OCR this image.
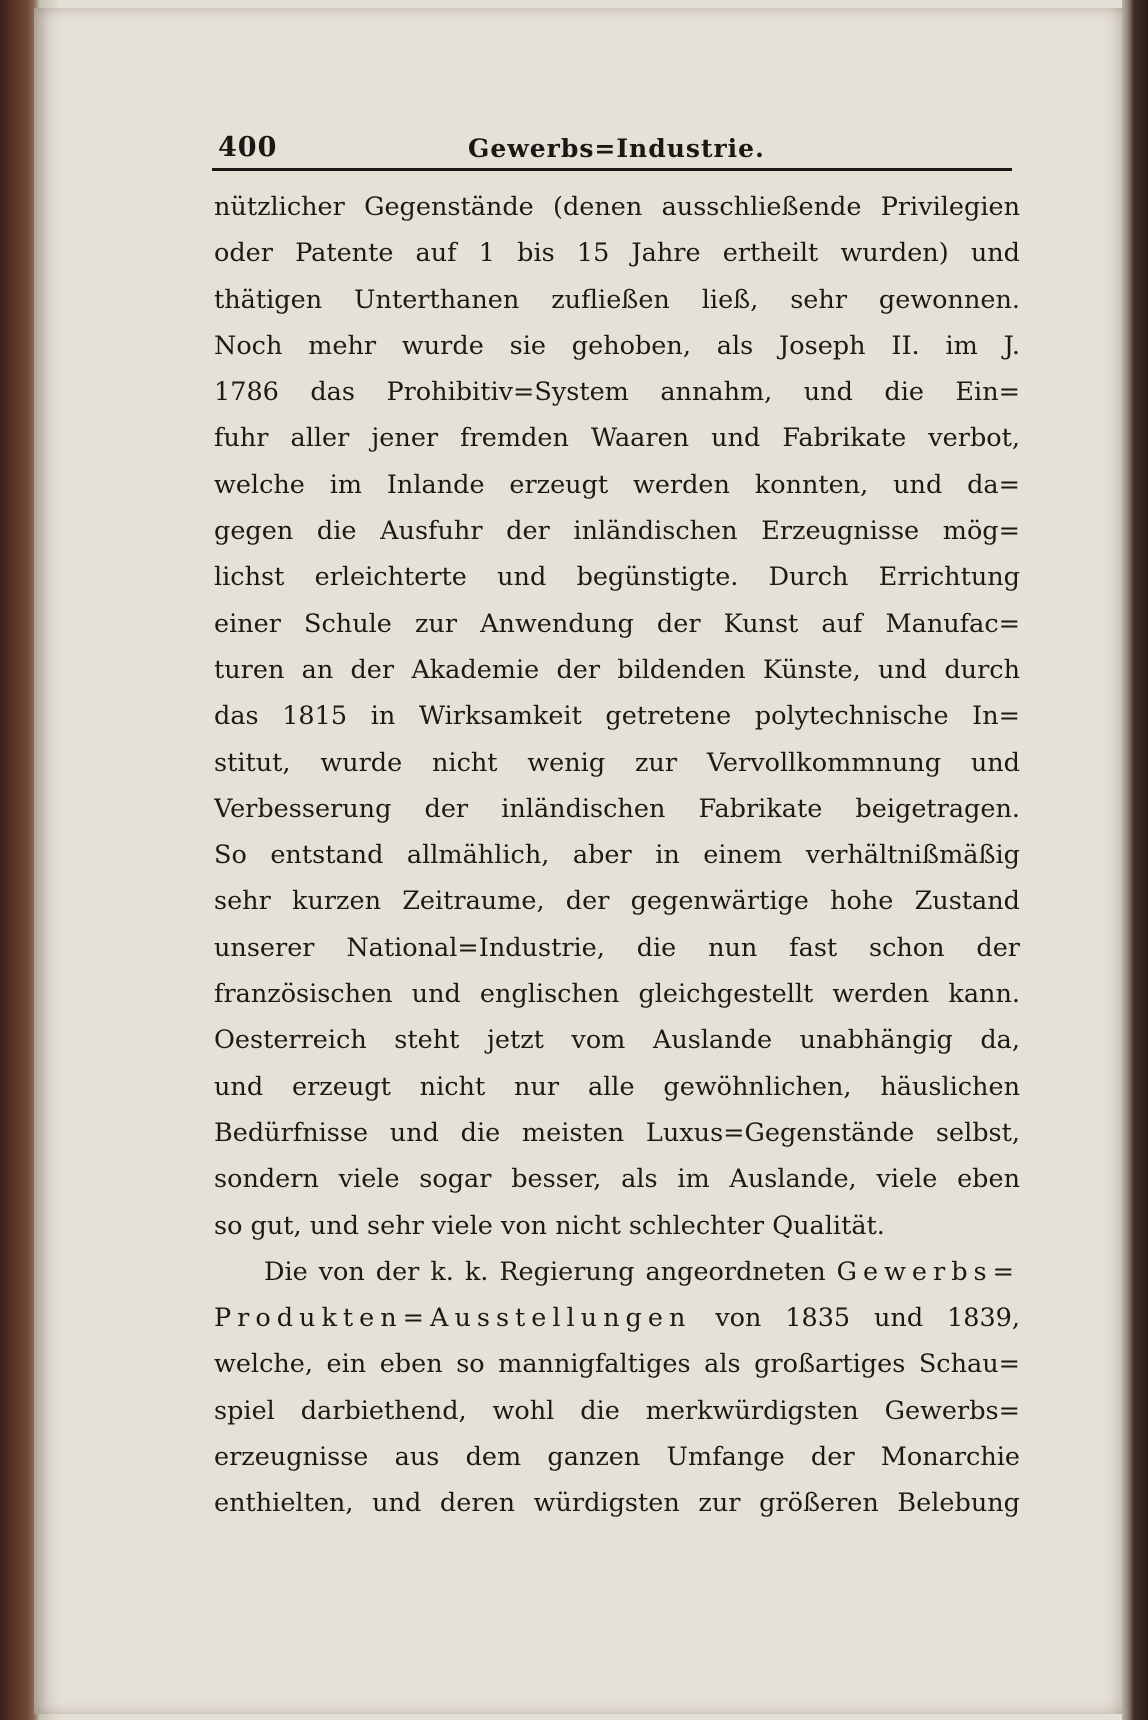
400	Gewerbs=Industrie.
nützlicher Gegenstände (denen ausschließende Privilegien
oder Patente auf 1 bis 15 Jahre ertheilt wurden) und
thätigen Unterthanen zufließen ließ, sehr gewonnen.
Noch mehr wurde sie gehoben, als Joseph II. im J.
1786 das Prohibitiv=System annahm, und die Ein=
fuhr aller jener fremden Waaren und Fabrikate verbot,
welche im Inlande erzeugt werden konnten, und da=
gegen die Ausfuhr der inländischen Erzeugnisse mög=
lichst erleichterte und begünstigte. Durch Errichtung
einer Schule zur Anwendung der Kunst auf Manufac=
turen an der Akademie der bildenden Künste, und durch
das 1815 in Wirksamkeit getretene polytechnische In=
stitut, wurde nicht wenig zur Vervollkommnung und
Verbesserung der inländischen Fabrikate beigetragen.
So entstand allmählich, aber in einem verhältnißmäßig
sehr kurzen Zeitraume, der gegenwärtige hohe Zustand
unserer National=Industrie, die nun fast schon der
französischen und englischen gleichgestellt werden kann.
Oesterreich steht jetzt vom Auslande unabhängig da,
und erzeugt nicht nur alle gewöhnlichen, häuslichen
Bedürfnisse und die meisten Luxus=Gegenstände selbst,
sondern viele sogar besser, als im Auslande, viele eben
so gut, und sehr viele von nicht schlechter Qualität.
Die von der k. k. Regierung angeordneten Gewerbs=
Produkten=Ausstellungen von 1835 und 1839,
welche, ein eben so mannigfaltiges als großartiges Schau=
spiel darbiethend, wohl die merkwürdigsten Gewerbs=
erzeugnisse aus dem ganzen Umfange der Monarchie
enthielten, und deren würdigsten zur größeren Belebung
